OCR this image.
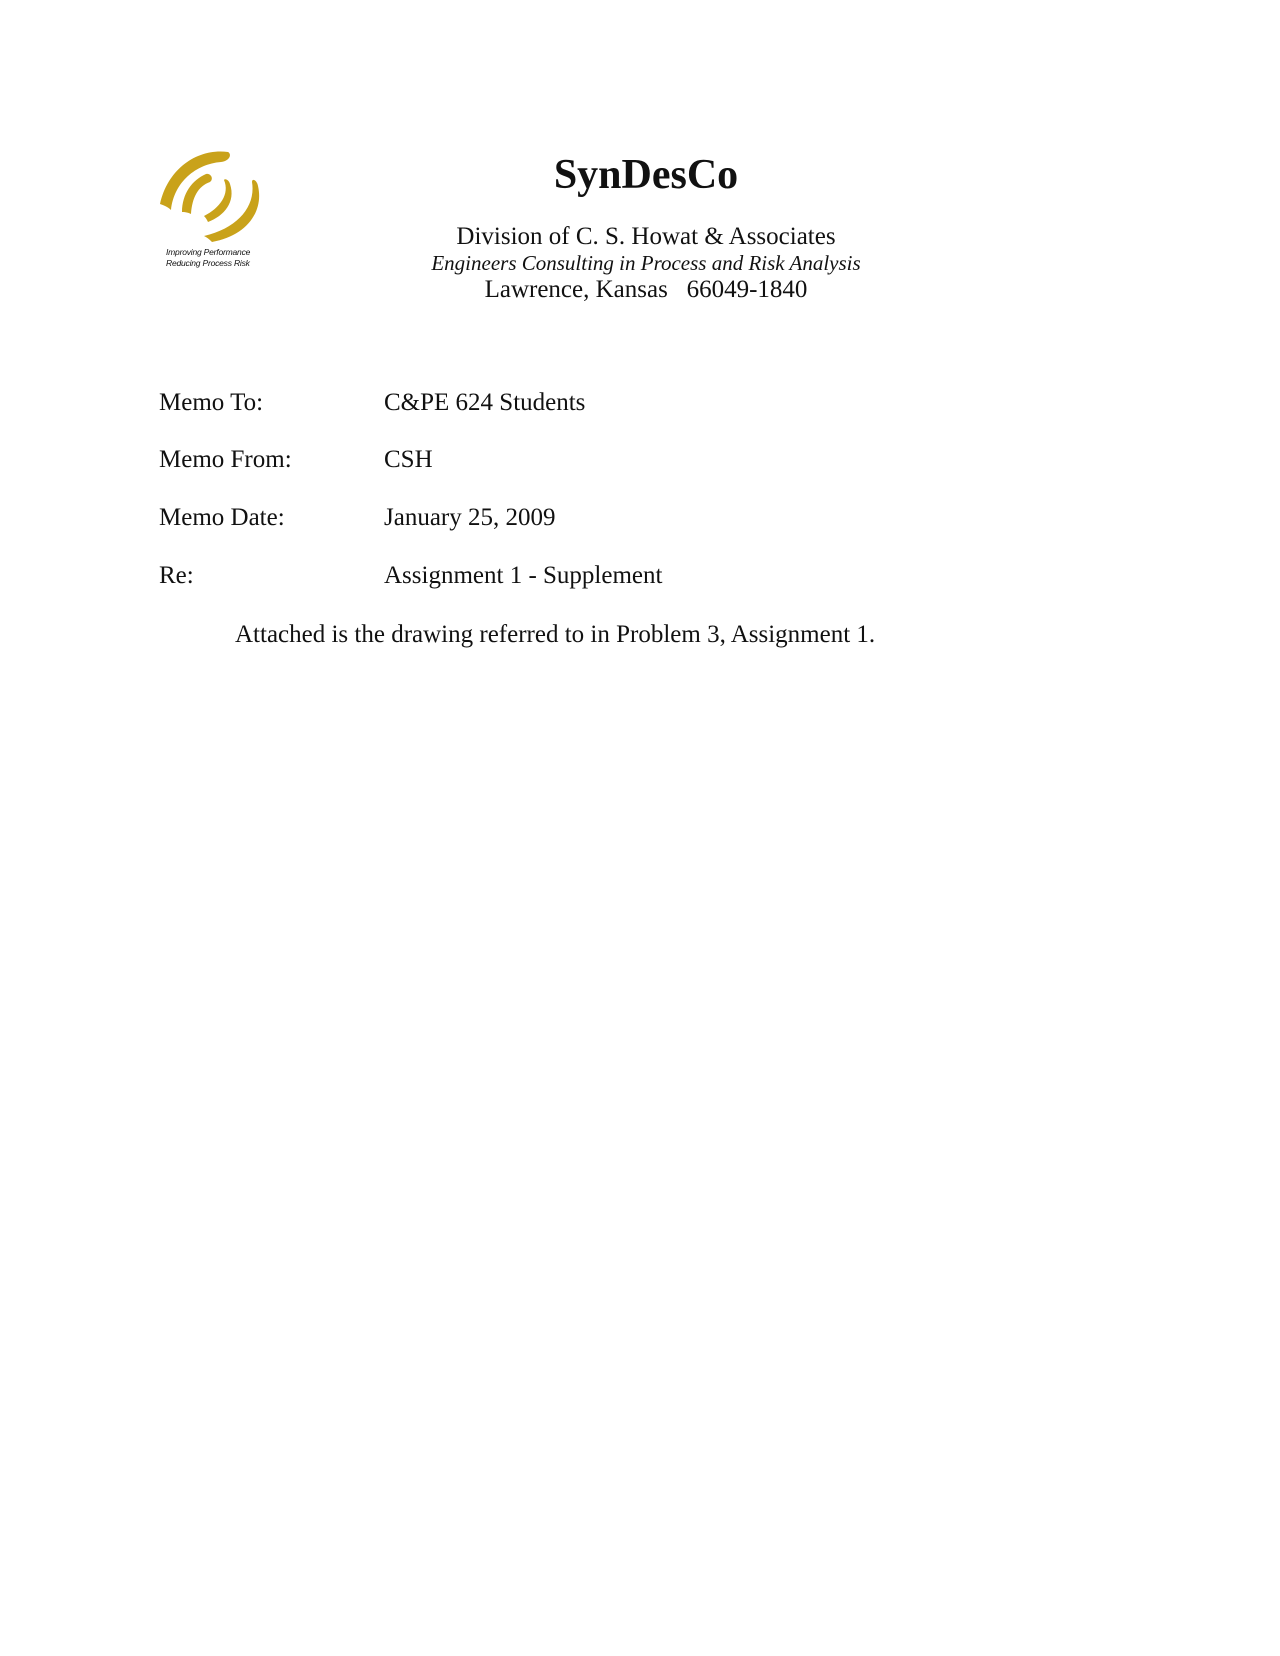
Improving Performance
Reducing Process Risk
SynDesCo
Division of C. S. Howat & Associates
Engineers Consulting in Process and Risk Analysis
Lawrence, Kansas   66049-1840
Memo To:	C&PE 624 Students
Memo From:	CSH
Memo Date:	January 25, 2009
Re:	Assignment 1 - Supplement
Attached is the drawing referred to in Problem 3, Assignment 1.
